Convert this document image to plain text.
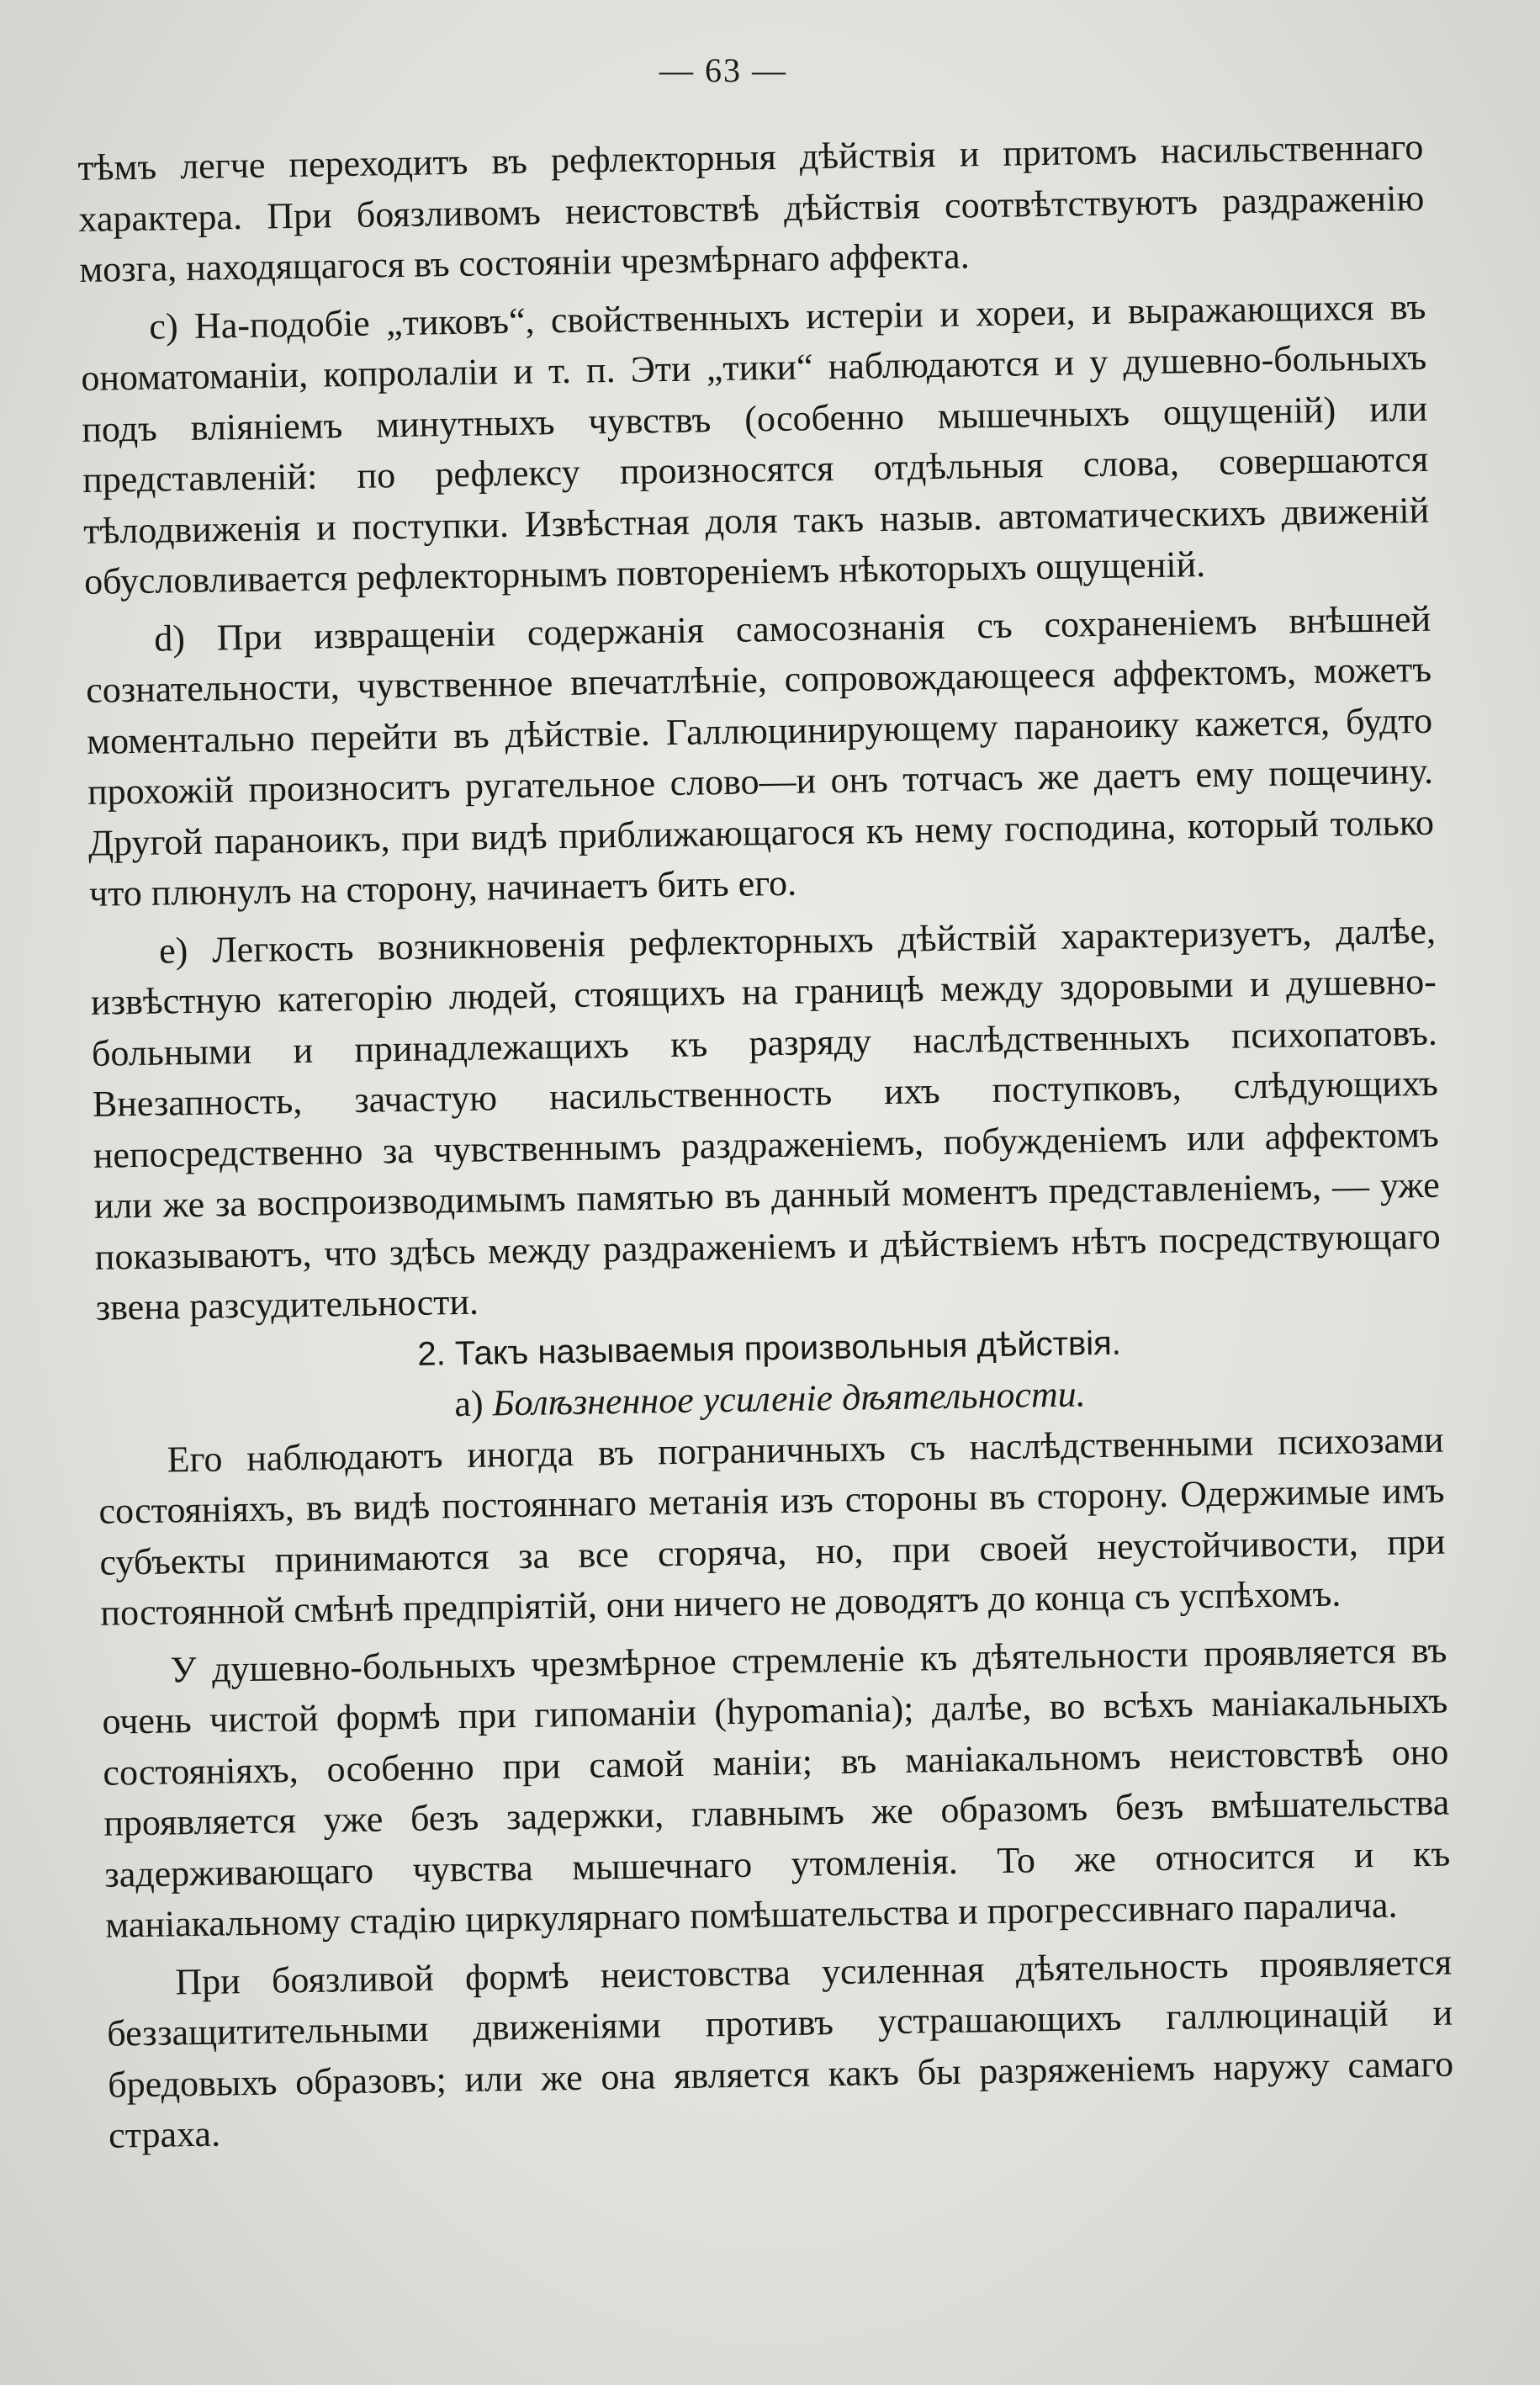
— 63 —

тѣмъ легче переходитъ въ рефлекторныя дѣйствія и притомъ насильственнаго характера. При боязливомъ неистовствѣ дѣйствія соотвѣтствуютъ раздраженію мозга, находящагося въ состояніи чрезмѣрнаго аффекта.

c) На-подобіе „тиковъ“, свойственныхъ истеріи и хореи, и выражающихся въ ономатоманіи, копролаліи и т. п. Эти „тики“ наблюдаются и у душевно-больныхъ подъ вліяніемъ минутныхъ чувствъ (особенно мышечныхъ ощущеній) или представленій: по рефлексу произносятся отдѣльныя слова, совершаются тѣлодвиженія и поступки. Извѣстная доля такъ назыв. автоматическихъ движеній обусловливается рефлекторнымъ повтореніемъ нѣкоторыхъ ощущеній.

d) При извращеніи содержанія самосознанія съ сохраненіемъ внѣшней сознательности, чувственное впечатлѣніе, сопровождающееся аффектомъ, можетъ моментально перейти въ дѣйствіе. Галлюцинирующему параноику кажется, будто прохожій произноситъ ругательное слово—и онъ тотчасъ же даетъ ему пощечину. Другой параноикъ, при видѣ приближающагося къ нему господина, который только что плюнулъ на сторону, начинаетъ бить его.

e) Легкость возникновенія рефлекторныхъ дѣйствій характеризуетъ, далѣе, извѣстную категорію людей, стоящихъ на границѣ между здоровыми и душевно-больными и принадлежащихъ къ разряду наслѣдственныхъ психопатовъ. Внезапность, зачастую насильственность ихъ поступковъ, слѣдующихъ непосредственно за чувственнымъ раздраженіемъ, побужденіемъ или аффектомъ или же за воспроизводимымъ памятью въ данный моментъ представленіемъ, — уже показываютъ, что здѣсь между раздраженіемъ и дѣйствіемъ нѣтъ посредствующаго звена разсудительности.

2. Такъ называемыя произвольныя дѣйствія.

a) Болѣзненное усиленіе дѣятельности.

Его наблюдаютъ иногда въ пограничныхъ съ наслѣдственными психозами состояніяхъ, въ видѣ постояннаго метанія изъ стороны въ сторону. Одержимые имъ субъекты принимаются за все сгоряча, но, при своей неустойчивости, при постоянной смѣнѣ предпріятій, они ничего не доводятъ до конца съ успѣхомъ.

У душевно-больныхъ чрезмѣрное стремленіе къ дѣятельности проявляется въ очень чистой формѣ при гипоманіи (hypomania); далѣе, во всѣхъ маніакальныхъ состояніяхъ, особенно при самой маніи; въ маніакальномъ неистовствѣ оно проявляется уже безъ задержки, главнымъ же образомъ безъ вмѣшательства задерживающаго чувства мышечнаго утомленія. То же относится и къ маніакальному стадію циркулярнаго помѣшательства и прогрессивнаго паралича.

При боязливой формѣ неистовства усиленная дѣятельность проявляется беззащитительными движеніями противъ устрашающихъ галлюцинацій и бредовыхъ образовъ; или же она является какъ бы разряженіемъ наружу самаго страха.
